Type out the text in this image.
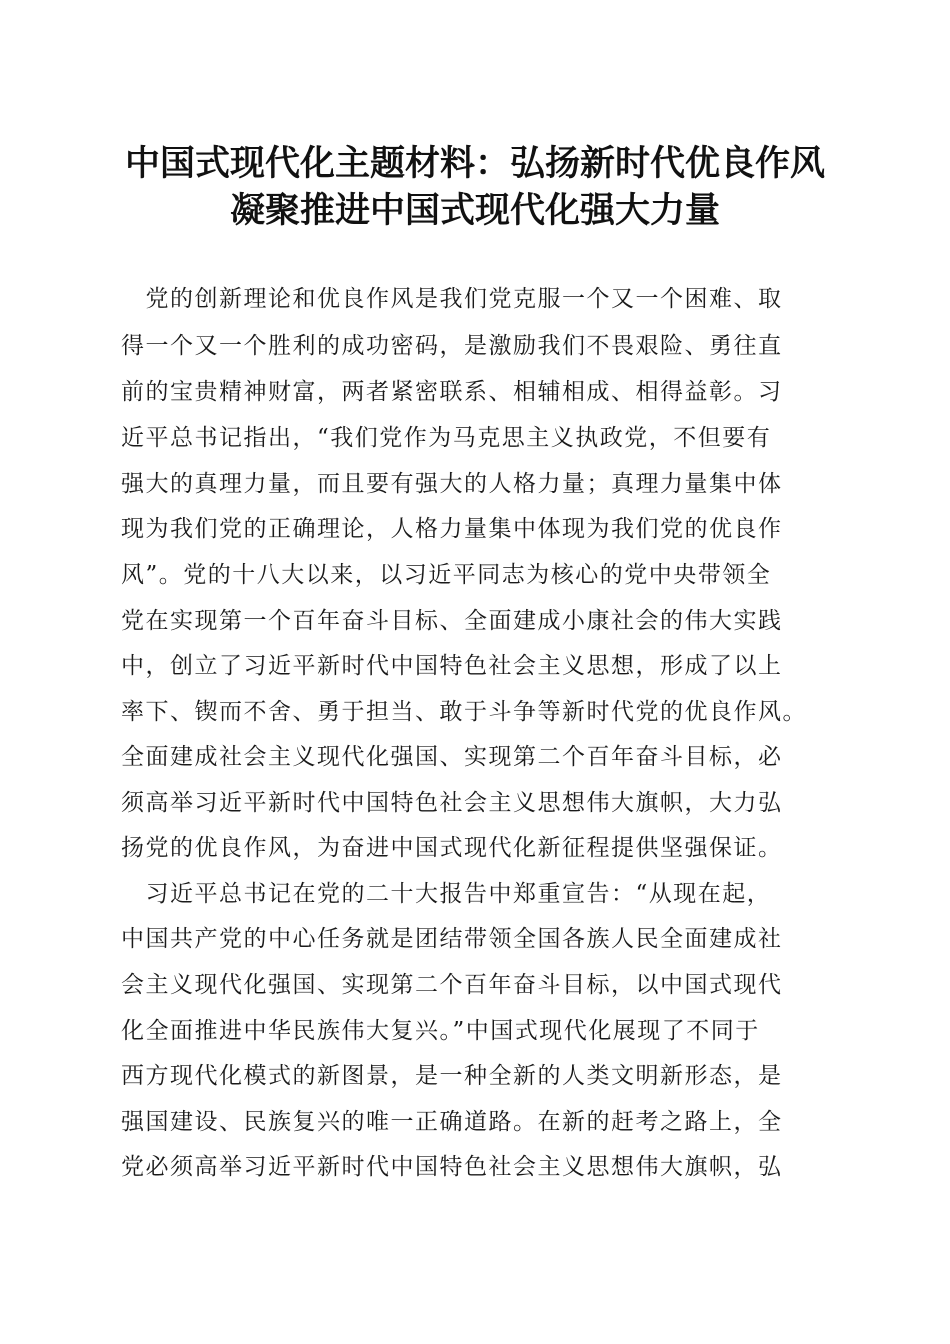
中国式现代化主题材料：弘扬新时代优良作风
凝聚推进中国式现代化强大力量
　党的创新理论和优良作风是我们党克服一个又一个困难、取
得一个又一个胜利的成功密码，是激励我们不畏艰险、勇往直
前的宝贵精神财富，两者紧密联系、相辅相成、相得益彰。习
近平总书记指出，“我们党作为马克思主义执政党，不但要有
强大的真理力量，而且要有强大的人格力量；真理力量集中体
现为我们党的正确理论，人格力量集中体现为我们党的优良作
风”。党的十八大以来，以习近平同志为核心的党中央带领全
党在实现第一个百年奋斗目标、全面建成小康社会的伟大实践
中，创立了习近平新时代中国特色社会主义思想，形成了以上
率下、锲而不舍、勇于担当、敢于斗争等新时代党的优良作风。
全面建成社会主义现代化强国、实现第二个百年奋斗目标，必
须高举习近平新时代中国特色社会主义思想伟大旗帜，大力弘
扬党的优良作风，为奋进中国式现代化新征程提供坚强保证。
　习近平总书记在党的二十大报告中郑重宣告：“从现在起，
中国共产党的中心任务就是团结带领全国各族人民全面建成社
会主义现代化强国、实现第二个百年奋斗目标，以中国式现代
化全面推进中华民族伟大复兴。”中国式现代化展现了不同于
西方现代化模式的新图景，是一种全新的人类文明新形态，是
强国建设、民族复兴的唯一正确道路。在新的赶考之路上，全
党必须高举习近平新时代中国特色社会主义思想伟大旗帜，弘
